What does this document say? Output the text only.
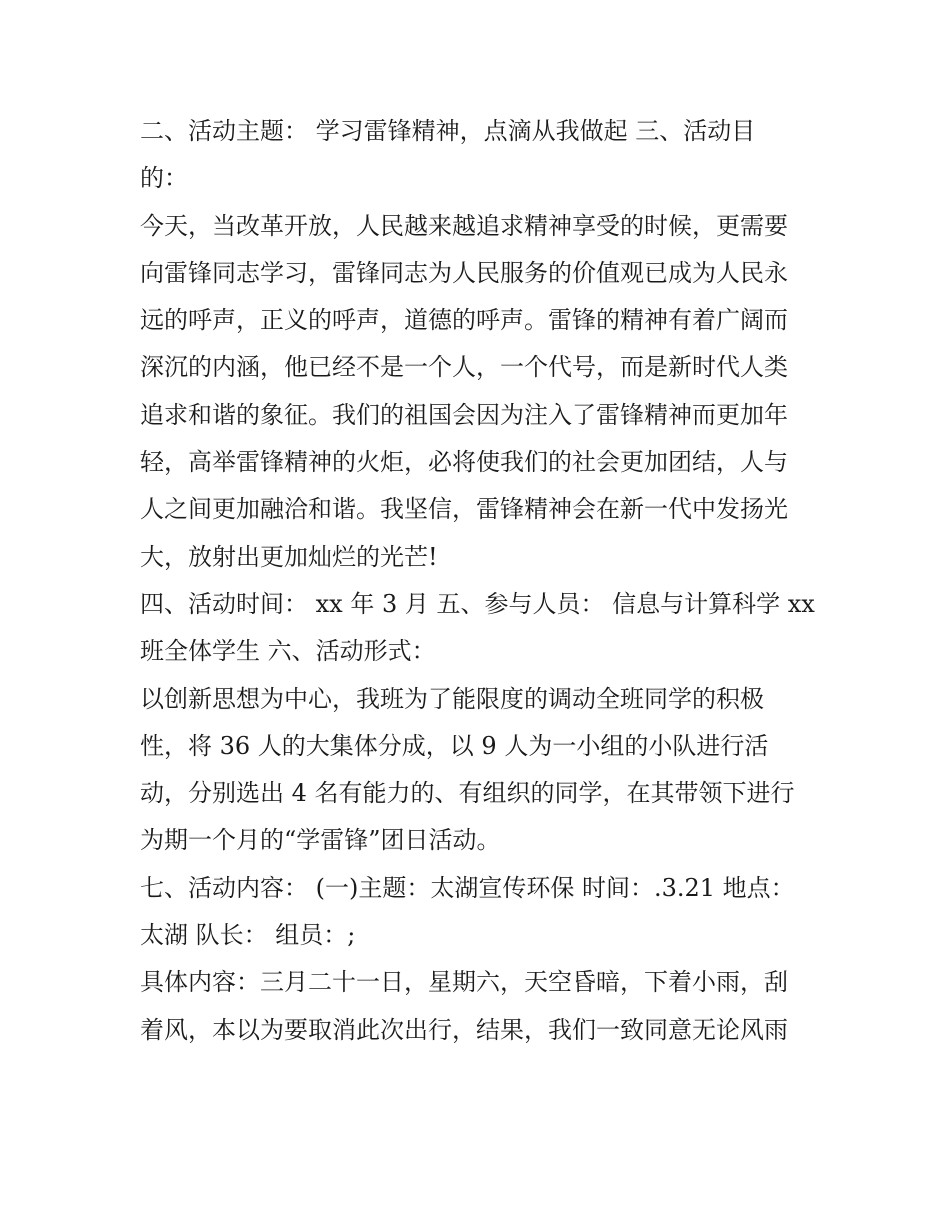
二、活动主题： 学习雷锋精神，点滴从我做起 三、活动目
的：
今天，当改革开放，人民越来越追求精神享受的时候，更需要
向雷锋同志学习，雷锋同志为人民服务的价值观已成为人民永
远的呼声，正义的呼声，道德的呼声。雷锋的精神有着广阔而
深沉的内涵，他已经不是一个人，一个代号，而是新时代人类
追求和谐的象征。我们的祖国会因为注入了雷锋精神而更加年
轻，高举雷锋精神的火炬，必将使我们的社会更加团结，人与
人之间更加融洽和谐。我坚信，雷锋精神会在新一代中发扬光
大，放射出更加灿烂的光芒!
四、活动时间： xx 年 3 月 五、参与人员： 信息与计算科学 xx
班全体学生 六、活动形式：
以创新思想为中心，我班为了能限度的调动全班同学的积极
性，将 36 人的大集体分成，以 9 人为一小组的小队进行活
动，分别选出 4 名有能力的、有组织的同学，在其带领下进行
为期一个月的“学雷锋”团日活动。
七、活动内容： (一)主题：太湖宣传环保 时间：.3.21 地点：
太湖 队长： 组员：;
具体内容：三月二十一日，星期六，天空昏暗，下着小雨，刮
着风，本以为要取消此次出行，结果，我们一致同意无论风雨
